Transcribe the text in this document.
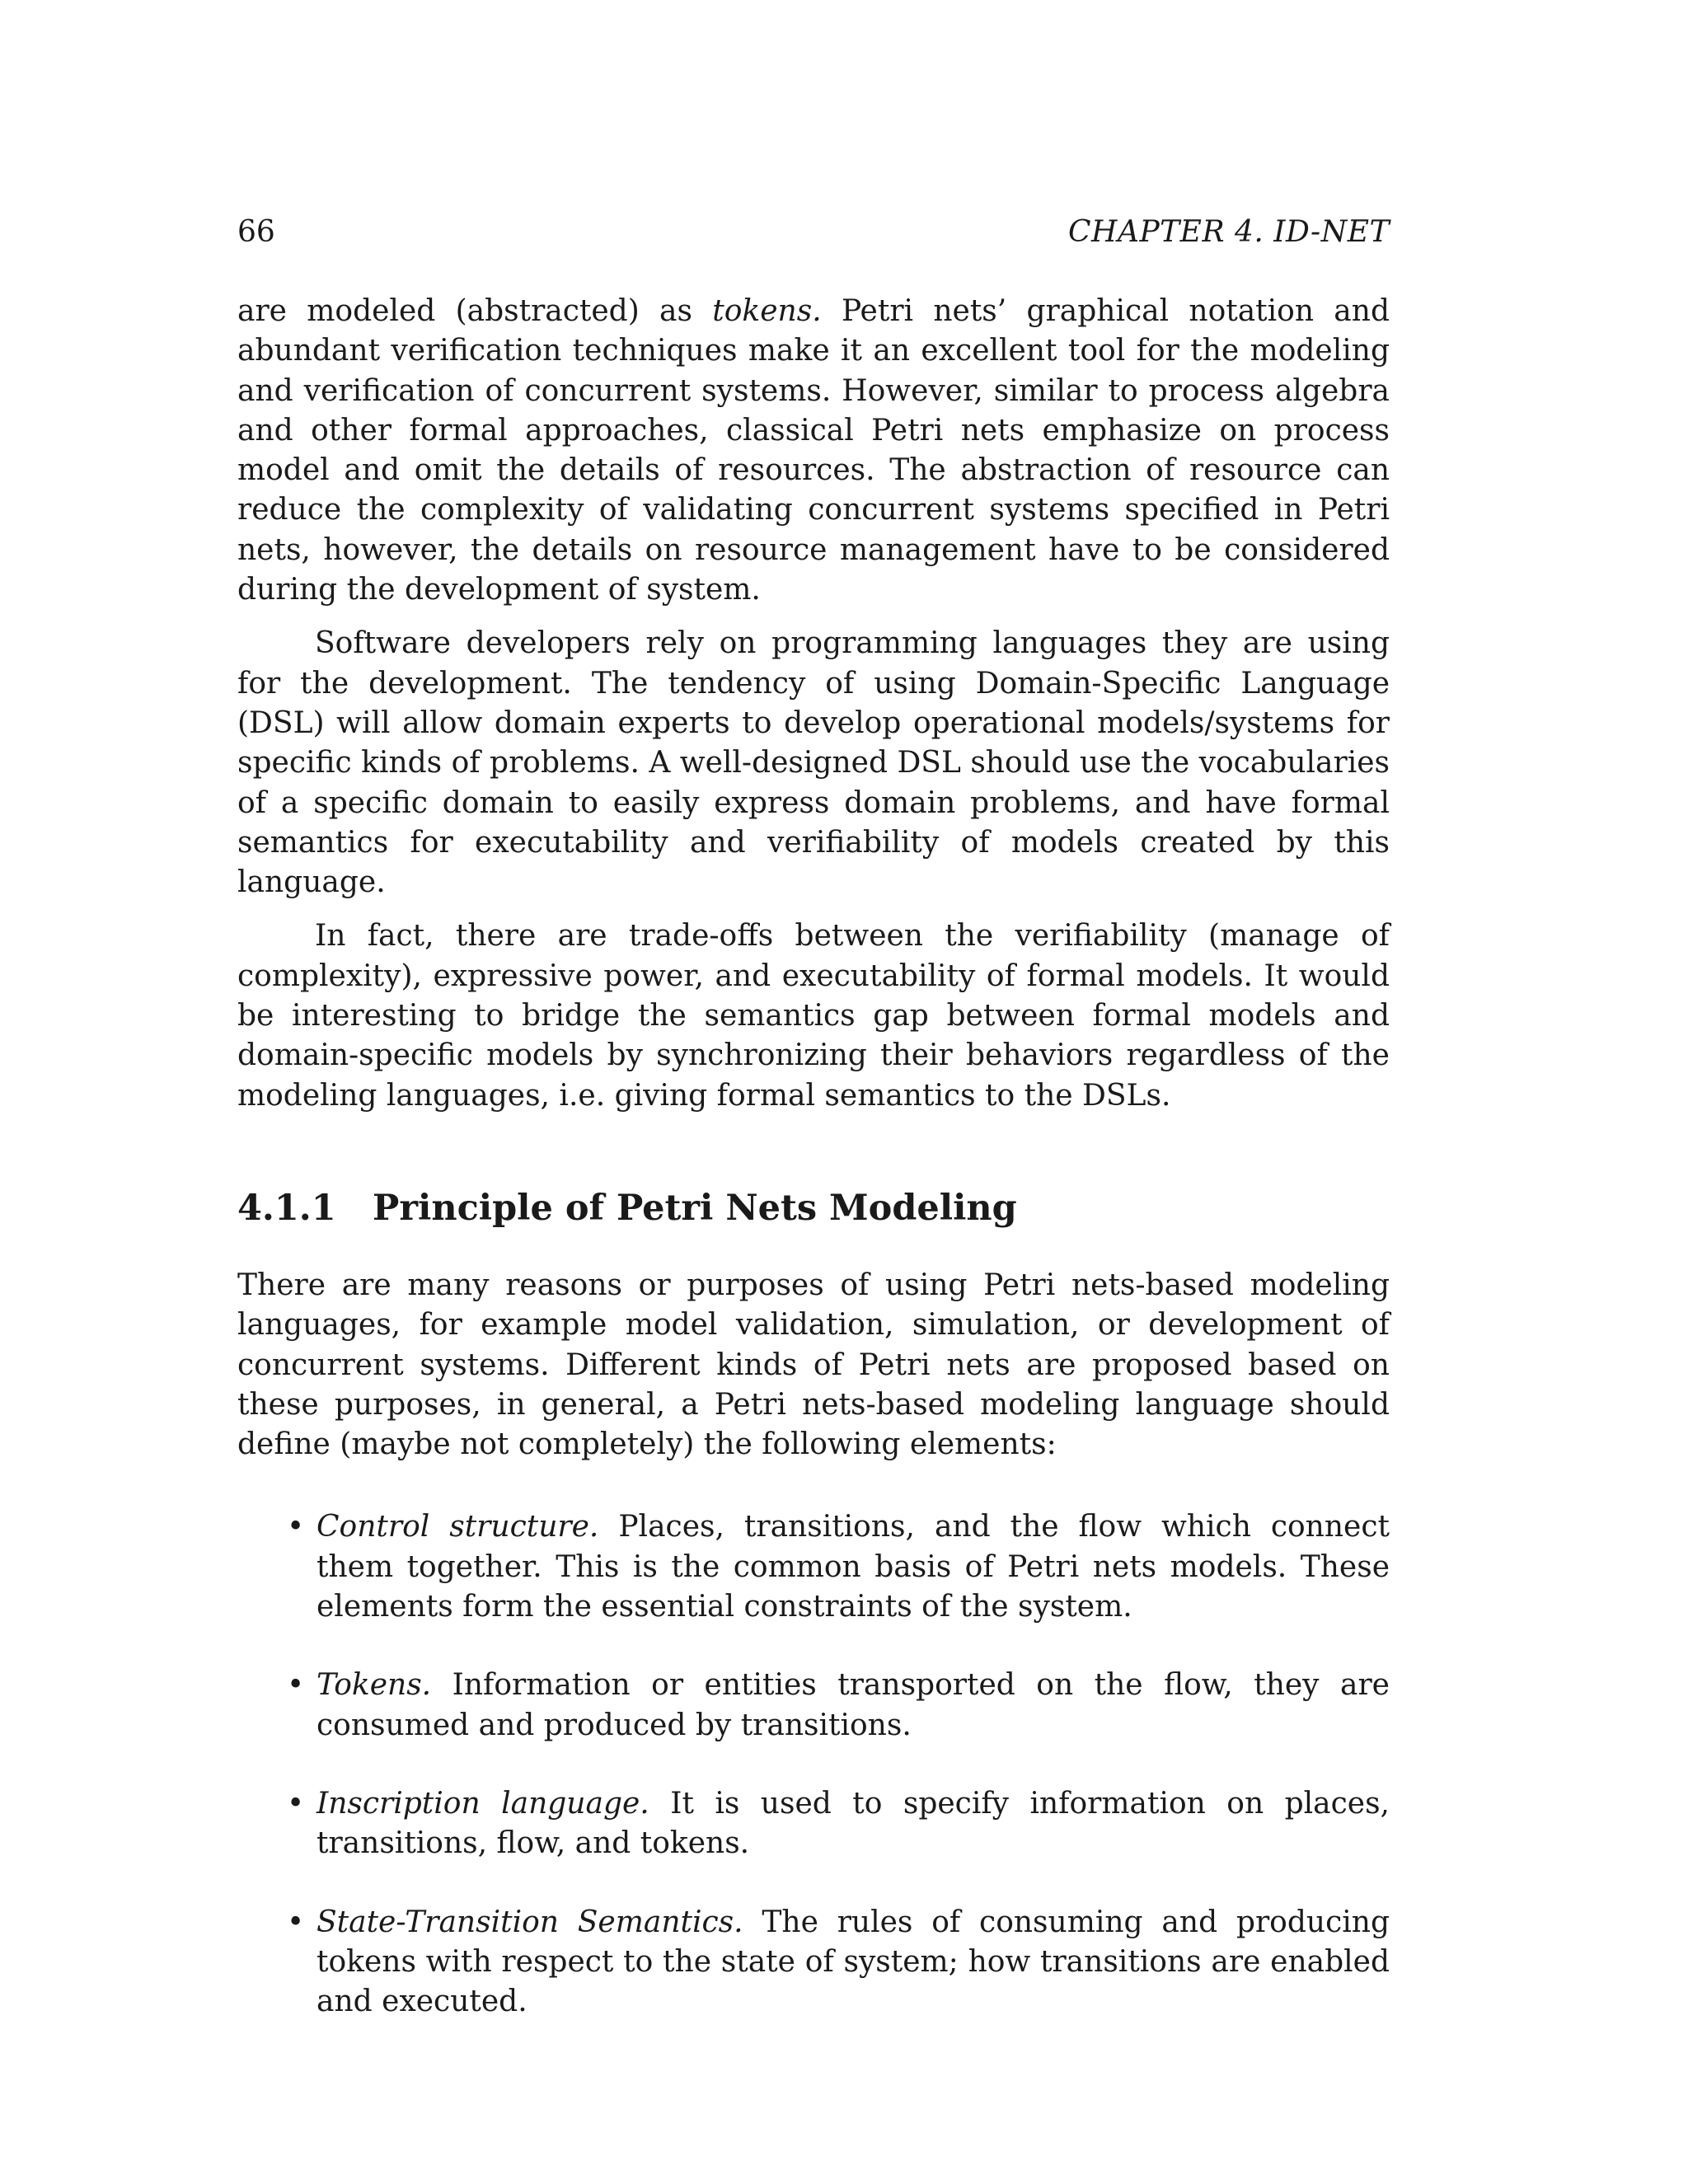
66	CHAPTER 4. ID-NET

are modeled (abstracted) as tokens. Petri nets’ graphical notation and abundant verification techniques make it an excellent tool for the modeling and verification of concurrent systems. However, similar to process algebra and other formal approaches, classical Petri nets emphasize on process model and omit the details of resources. The abstraction of resource can reduce the complexity of validating concurrent systems specified in Petri nets, however, the details on resource management have to be considered during the development of system.

Software developers rely on programming languages they are using for the development. The tendency of using Domain-Specific Language (DSL) will allow domain experts to develop operational models/systems for specific kinds of problems. A well-designed DSL should use the vocabularies of a specific domain to easily express domain problems, and have formal semantics for executability and verifiability of models created by this language.

In fact, there are trade-offs between the verifiability (manage of complexity), expressive power, and executability of formal models. It would be interesting to bridge the semantics gap between formal models and domain-specific models by synchronizing their behaviors regardless of the modeling languages, i.e. giving formal semantics to the DSLs.

4.1.1	Principle of Petri Nets Modeling

There are many reasons or purposes of using Petri nets-based modeling languages, for example model validation, simulation, or development of concurrent systems. Different kinds of Petri nets are proposed based on these purposes, in general, a Petri nets-based modeling language should define (maybe not completely) the following elements:

• Control structure. Places, transitions, and the flow which connect them together. This is the common basis of Petri nets models. These elements form the essential constraints of the system.
• Tokens. Information or entities transported on the flow, they are consumed and produced by transitions.
• Inscription language. It is used to specify information on places, transitions, flow, and tokens.
• State-Transition Semantics. The rules of consuming and producing tokens with respect to the state of system; how transitions are enabled and executed.
